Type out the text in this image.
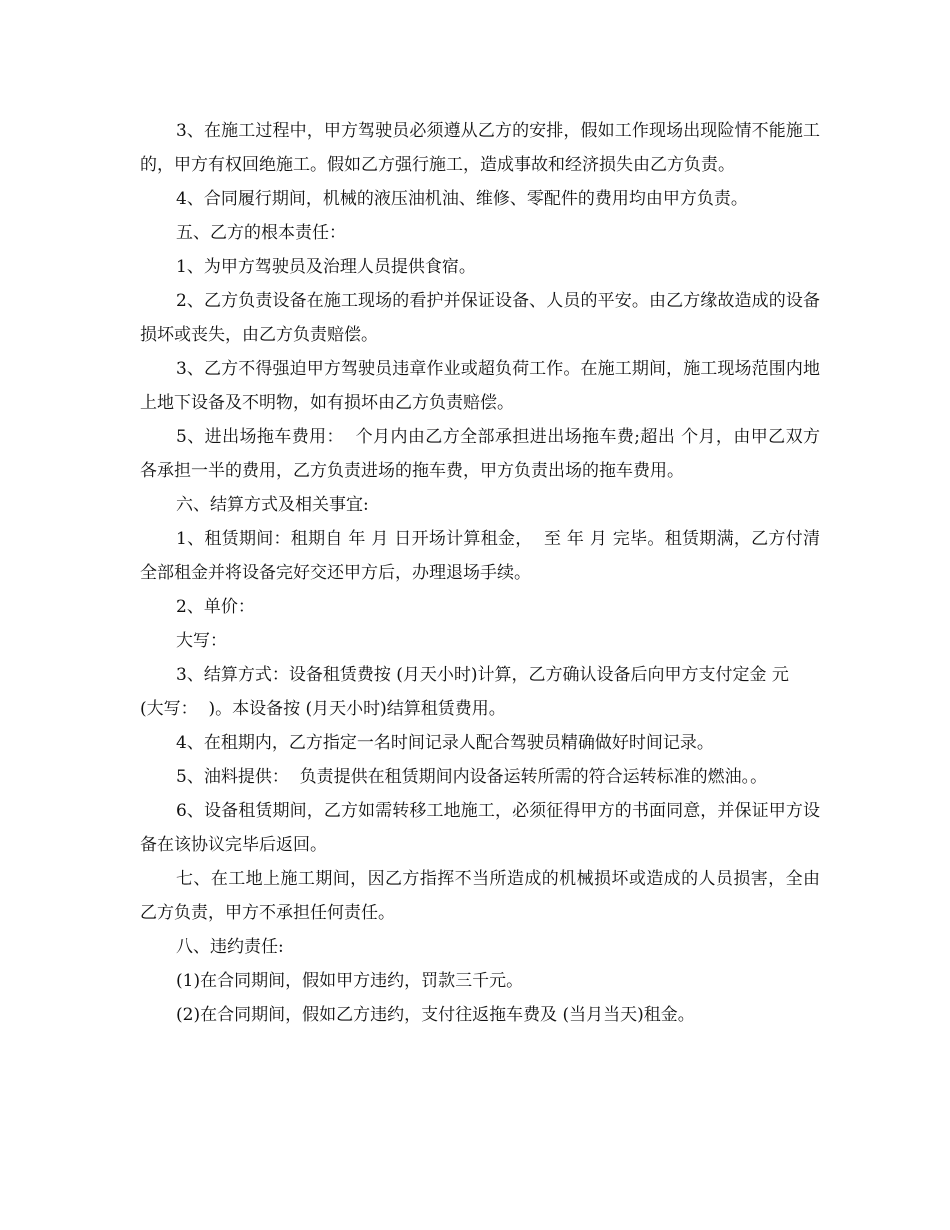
3、在施工过程中，甲方驾驶员必须遵从乙方的安排，假如工作现场出现险情不能施工的，甲方有权回绝施工。假如乙方强行施工，造成事故和经济损失由乙方负责。

4、合同履行期间，机械的液压油机油、维修、零配件的费用均由甲方负责。

五、乙方的根本责任：

1、为甲方驾驶员及治理人员提供食宿。

2、乙方负责设备在施工现场的看护并保证设备、人员的平安。由乙方缘故造成的设备损坏或丧失，由乙方负责赔偿。

3、乙方不得强迫甲方驾驶员违章作业或超负荷工作。在施工期间，施工现场范围内地上地下设备及不明物，如有损坏由乙方负责赔偿。

5、进出场拖车费用：  个月内由乙方全部承担进出场拖车费;超出 个月，由甲乙双方各承担一半的费用，乙方负责进场的拖车费，甲方负责出场的拖车费用。

六、结算方式及相关事宜:

1、租赁期间：租期自 年 月 日开场计算租金，  至 年 月 完毕。租赁期满，乙方付清全部租金并将设备完好交还甲方后，办理退场手续。

2、单价：

大写：

3、结算方式：设备租赁费按 (月天小时)计算，乙方确认设备后向甲方支付定金 元

(大写：  )。本设备按 (月天小时)结算租赁费用。

4、在租期内，乙方指定一名时间记录人配合驾驶员精确做好时间记录。

5、油料提供：  负责提供在租赁期间内设备运转所需的符合运转标准的燃油。。

6、设备租赁期间，乙方如需转移工地施工，必须征得甲方的书面同意，并保证甲方设备在该协议完毕后返回。

七、在工地上施工期间，因乙方指挥不当所造成的机械损坏或造成的人员损害，全由乙方负责，甲方不承担任何责任。

八、违约责任:

(1)在合同期间，假如甲方违约，罚款三千元。

(2)在合同期间，假如乙方违约，支付往返拖车费及 (当月当天)租金。
